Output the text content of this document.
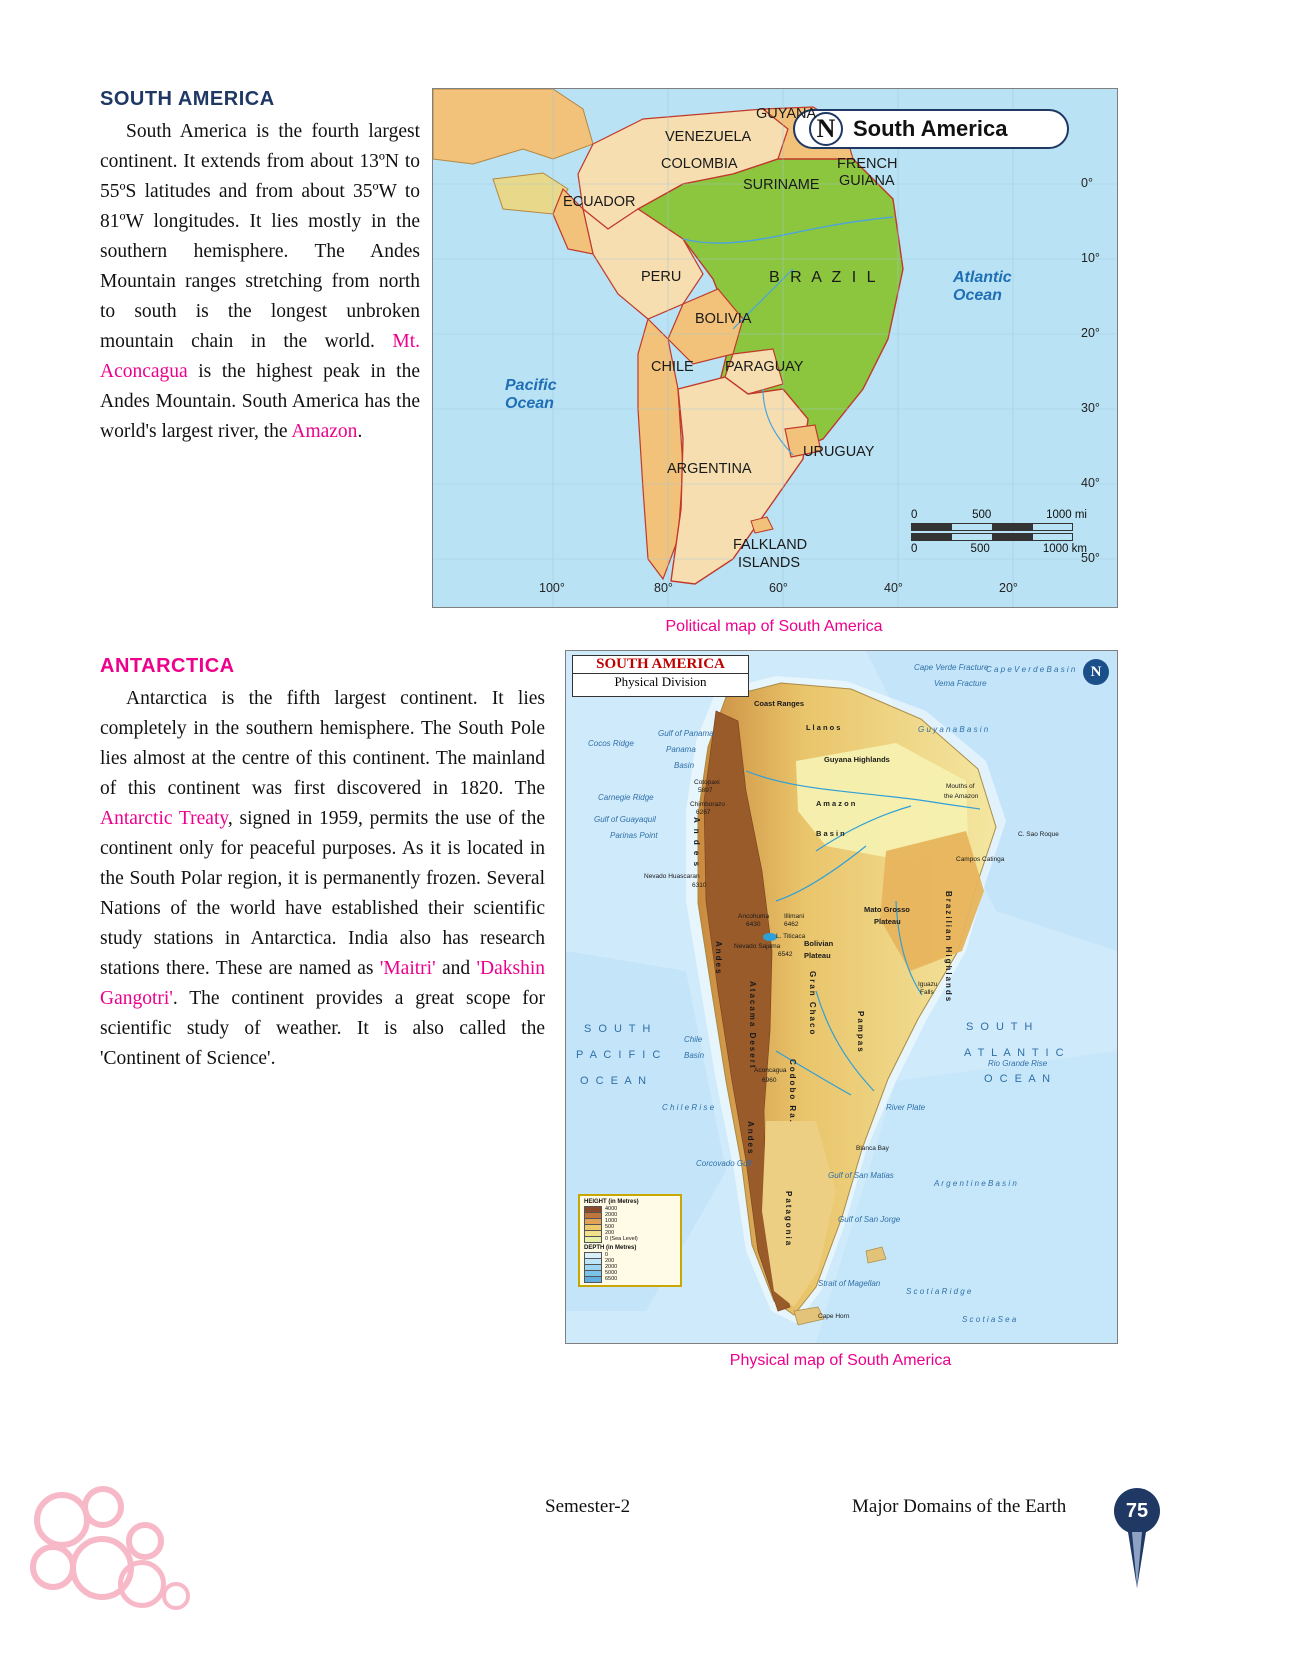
SOUTH AMERICA

South America is the fourth largest continent. It extends from about 13ºN to 55ºS latitudes and from about 35ºW to 81ºW longitudes. It lies mostly in the southern hemisphere. The Andes Mountain ranges stretching from north to south is the longest unbroken mountain chain in the world. Mt. Aconcagua is the highest peak in the Andes Mountain. South America has the world's largest river, the Amazon.

N South America
VENEZUELA
GUYANA
COLOMBIA
SURINAME
FRENCH
GUIANA
ECUADOR
B R A Z I L
PERU
BOLIVIA
CHILE PARAGUAY
ARGENTINA
URUGUAY
FALKLAND
ISLANDS
Atlantic
Ocean
Pacific
Ocean
0°
10°
20°
30°
40°
50°
100°	80°	60°	40°	20°
0	500	1000 mi
0	500	1000 km
Political map of South America
ANTARCTICA

Antarctica is the fifth largest continent. It lies completely in the southern hemisphere. The South Pole lies almost at the centre of this continent. The mainland of this continent was first discovered in 1820. The Antarctic Treaty, signed in 1959, permits the use of the continent only for peaceful purposes. As it is located in the South Polar region, it is permanently frozen. Several Nations of the world have established their scientific study stations in Antarctica. India also has research stations there. These are named as 'Maitri' and 'Dakshin Gangotri'. The continent provides a great scope for scientific study of weather. It is also called the 'Continent of Science'.

SOUTH AMERICA
Physical Division
N
HEIGHT (in Metres)
4000
2000
1000
500
200
0 (Sea Level)
DEPTH (in Metres)
0
200
2000
5000
6500
S O U T H
P A C I F I C
O C E A N
S O U T H
A T L A N T I C
O C E A N
Cocos Ridge
Carnegie Ridge
Gulf of Panama
Panama
Basin
Gulf of Guayaquil
Parinas Point
Chile
Basin
C h i l e R i s e
Corcovado Gulf
Coast Ranges
L l a n o s
Guyana Highlands
G u y a n a B a s i n
A m a z o n
B a s i n
Mouths of
the Amazon
C. Sao Roque
Campos Catinga
Mato Grosso
Plateau
Bolivian
Plateau
Nevado Huascaran
6310
Cotopaxi
5897
Chimborazo
6267
Ancohuma
6430
Illimani
6462
L. Titicaca
Nevado Sajama
6542
Aconcagua
6960
Iguazu
Falls
River Plate
Blanca Bay
Gulf of San Matias
Gulf of San Jorge
Strait of Magellan
Cape Horn
S c o t i a R i d g e
S c o t i a S e a
A r g e n t i n e B a s i n
Rio Grande Rise
Cape Verde Fracture
Vema Fracture
C a p e V e r d e B a s i n
A n d e s
Andes
Atacama Desert	Gran Chaco	Pampas
Brazilian Highlands
Patagonia
Andes
Codobo Ra.
Physical map of South America
Semester-2	Major Domains of the Earth	75
